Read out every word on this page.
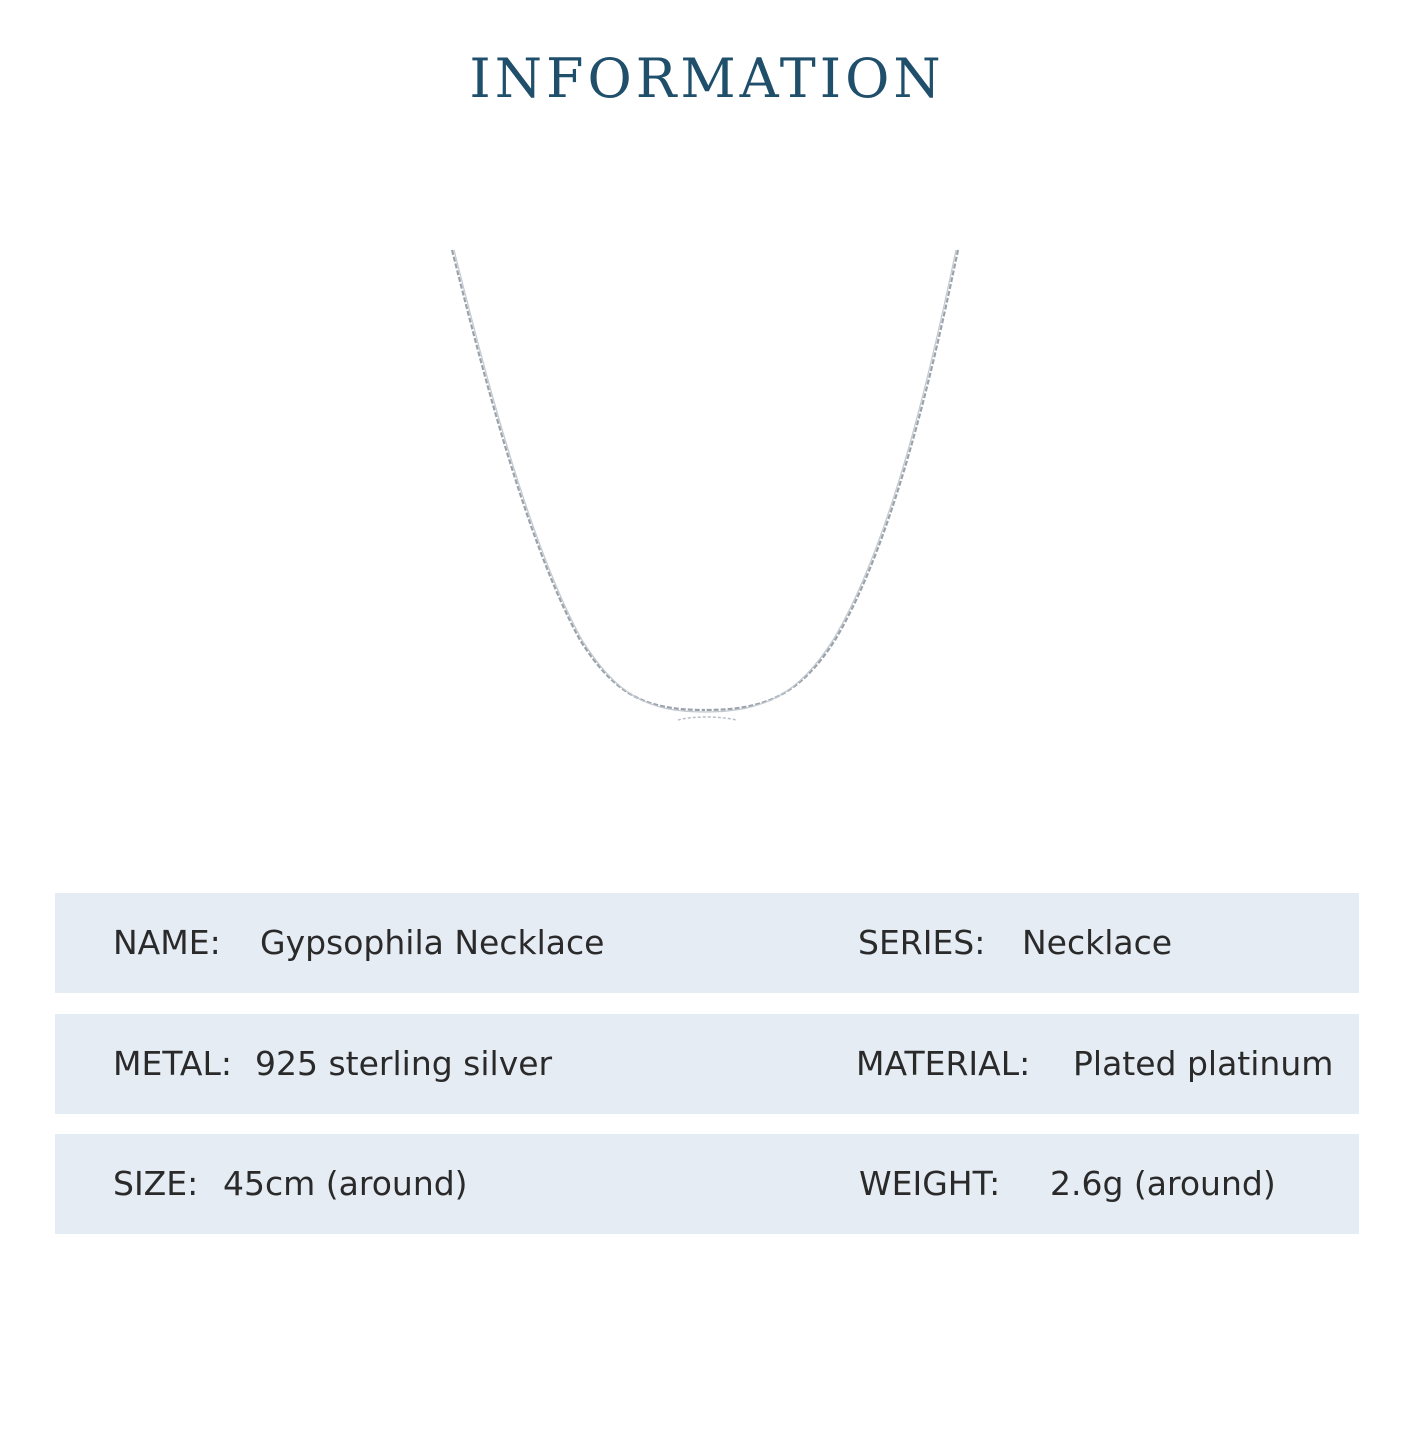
INFORMATION
NAME: Gypsophila Necklace	SERIES: Necklace
METAL: 925 sterling silver	MATERIAL: Plated platinum
SIZE: 45cm (around)	WEIGHT: 2.6g (around)
